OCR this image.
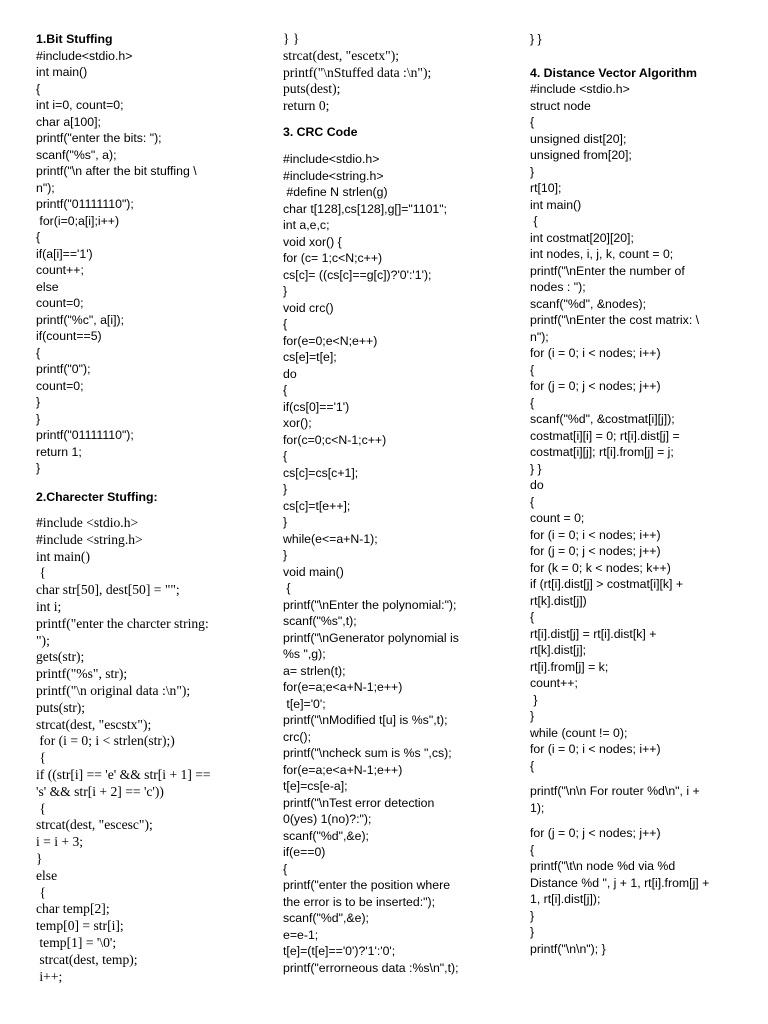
1.Bit Stuffing
#include<stdio.h>
int main()
{
int i=0, count=0;
char a[100];
printf("enter the bits: ");
scanf("%s", a);
printf("\n after the bit stuffing \
n");
printf("01111110");
for(i=0;a[i];i++)
{
if(a[i]=='1')
count++;
else
count=0;
printf("%c", a[i]);
if(count==5)
{
printf("0");
count=0;
}
}
printf("01111110");
return 1;
}
2.Charecter Stuffing:
#include <stdio.h>
#include <string.h>
int main()
{
char str[50], dest[50] = "";
int i;
printf("enter the charcter string:
");
gets(str);
printf("%s", str);
printf("\n original data :\n");
puts(str);
strcat(dest, "escstx");
for (i = 0; i < strlen(str);)
{
if ((str[i] == 'e' && str[i + 1] ==
's' && str[i + 2] == 'c'))
{
strcat(dest, "escesc");
i = i + 3;
}
else
{
char temp[2];
temp[0] = str[i];
temp[1] = '\0';
strcat(dest, temp);
i++;
} }
strcat(dest, "escetx");
printf("\nStuffed data :\n");
puts(dest);
return 0;
3. CRC Code
#include<stdio.h>
#include<string.h>
#define N strlen(g)
char t[128],cs[128],g[]="1101";
int a,e,c;
void xor() {
for (c= 1;c<N;c++)
cs[c]= ((cs[c]==g[c])?'0':'1');
}
void crc()
{
for(e=0;e<N;e++)
cs[e]=t[e];
do
{
if(cs[0]=='1')
xor();
for(c=0;c<N-1;c++)
{
cs[c]=cs[c+1];
}
cs[c]=t[e++];
}
while(e<=a+N-1);
}
void main()
{
printf("\nEnter the polynomial:");
scanf("%s",t);
printf("\nGenerator polynomial is
%s ",g);
a= strlen(t);
for(e=a;e<a+N-1;e++)
t[e]='0';
printf("\nModified t[u] is %s",t);
crc();
printf("\ncheck sum is %s ",cs);
for(e=a;e<a+N-1;e++)
t[e]=cs[e-a];
printf("\nTest error detection
0(yes) 1(no)?:");
scanf("%d",&e);
if(e==0)
{
printf("enter the position where
the error is to be inserted:");
scanf("%d",&e);
e=e-1;
t[e]=(t[e]=='0')?'1':'0';
printf("errorneous data :%s\n",t);
} }
4. Distance Vector Algorithm
#include <stdio.h>
struct node
{
unsigned dist[20];
unsigned from[20];
}
rt[10];
int main()
{
int costmat[20][20];
int nodes, i, j, k, count = 0;
printf("\nEnter the number of
nodes : ");
scanf("%d", &nodes);
printf("\nEnter the cost matrix: \
n");
for (i = 0; i < nodes; i++)
{
for (j = 0; j < nodes; j++)
{
scanf("%d", &costmat[i][j]);
costmat[i][i] = 0; rt[i].dist[j] =
costmat[i][j]; rt[i].from[j] = j;
} }
do
{
count = 0;
for (i = 0; i < nodes; i++)
for (j = 0; j < nodes; j++)
for (k = 0; k < nodes; k++)
if (rt[i].dist[j] > costmat[i][k] +
rt[k].dist[j])
{
rt[i].dist[j] = rt[i].dist[k] +
rt[k].dist[j];
rt[i].from[j] = k;
count++;
}
}
while (count != 0);
for (i = 0; i < nodes; i++)
{
printf("\n\n For router %d\n", i +
1);
for (j = 0; j < nodes; j++)
{
printf("\t\n node %d via %d
Distance %d ", j + 1, rt[i].from[j] +
1, rt[i].dist[j]);
}
}
printf("\n\n"); }
